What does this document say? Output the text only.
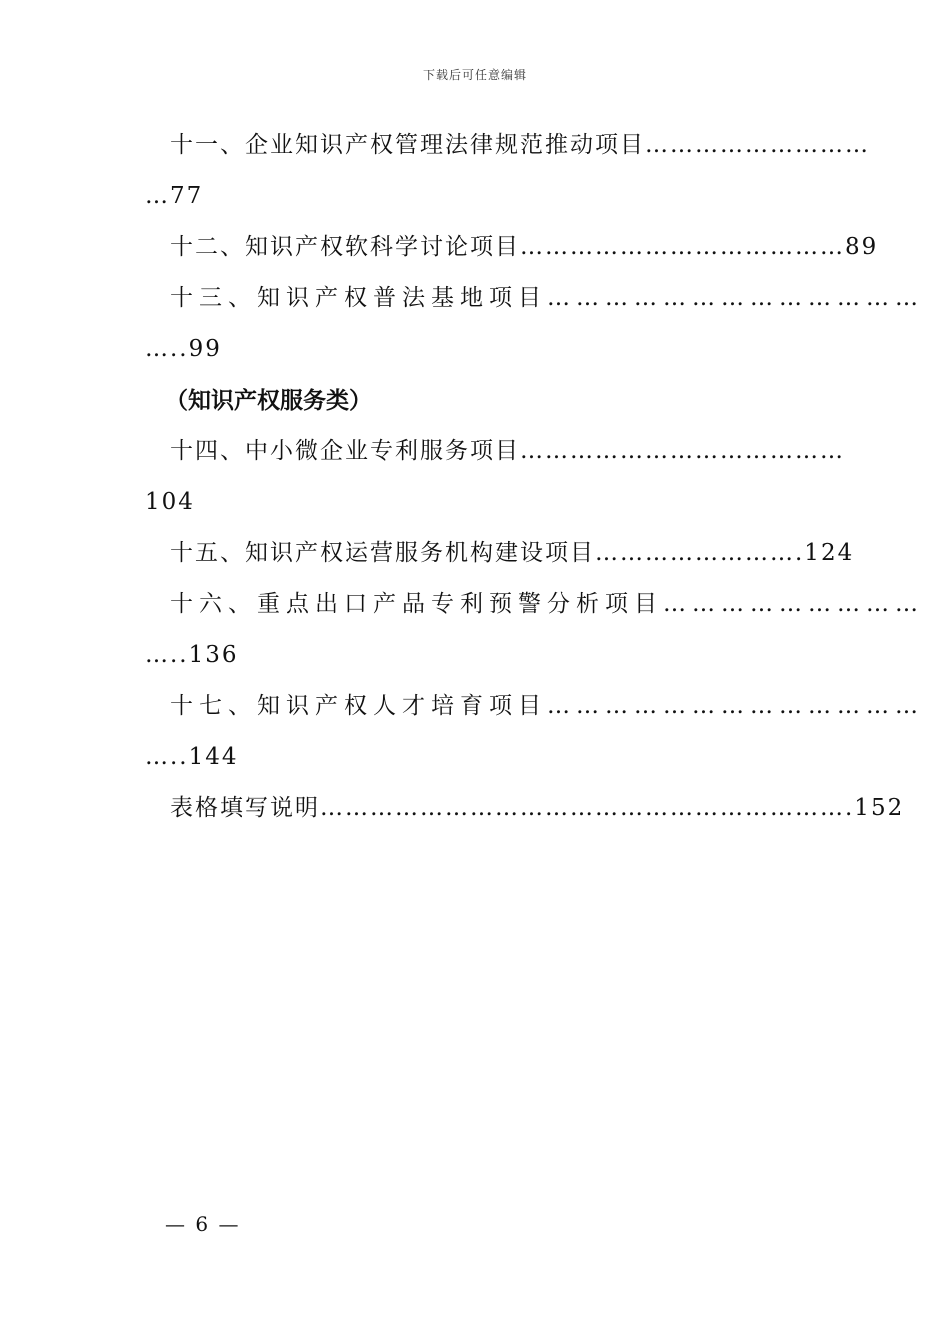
下载后可任意编辑
十一、企业知识产权管理法律规范推动项目………………………
…77
十二、知识产权软科学讨论项目…………………………………89
十三、知识产权普法基地项目…………………………………
…..99
（知识产权服务类）
十四、中小微企业专利服务项目…………………………………
104
十五、知识产权运营服务机构建设项目…………………….124
十六、重点出口产品专利预警分析项目………………………
…..136
十七、知识产权人才培育项目…………………………………
…..144
表格填写说明……………………………………………………….152
— 6 —
